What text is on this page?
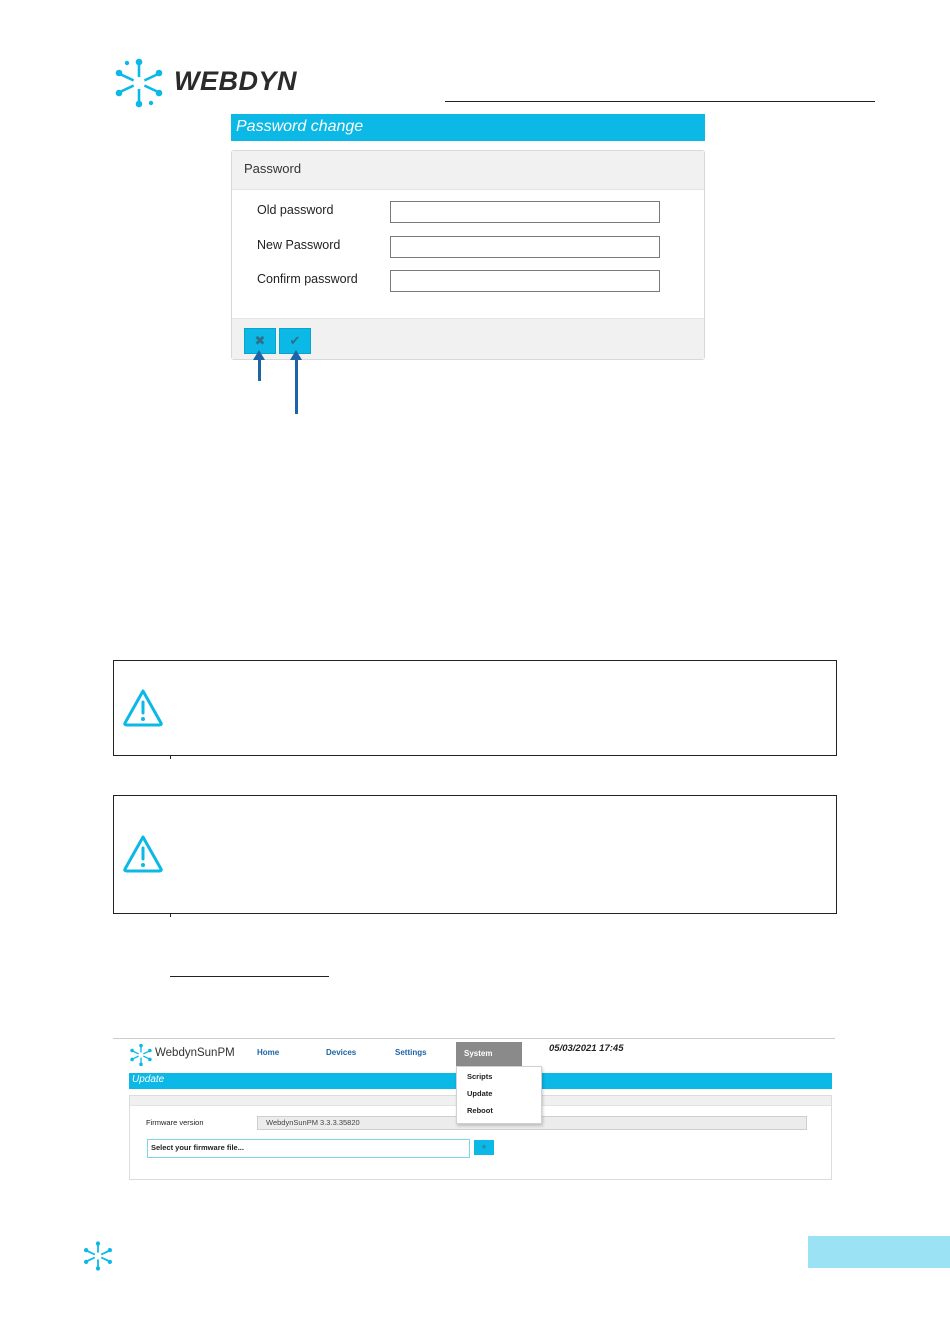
WEBDYN
Password change
Password
Old password
New Password
Confirm password
✖	✔
WebdynSunPM	Home	Devices	Settings	System	05/03/2021 17:45
Update
Firmware version	WebdynSunPM 3.3.3.35820
Select your firmware file...	+
Scripts
Update
Reboot
